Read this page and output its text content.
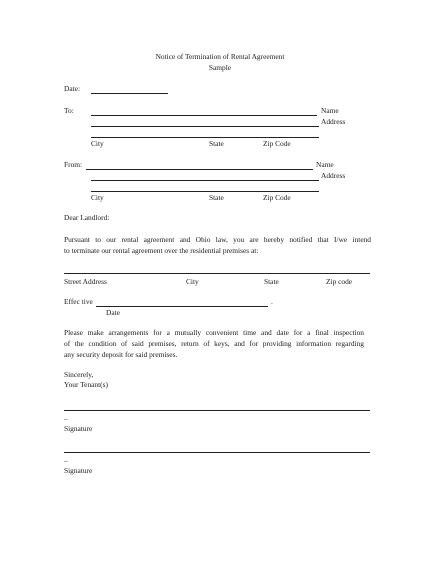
Notice of Termination of Rental Agreement
Sample
Date:
To:	Name
Address
City	State	Zip Code
From:	Name
Address
City	State	Zip Code
Dear Landlord:
Pursuant to our rental agreement and Ohio law, you are hereby notified that I/we intend
to terminate our rental agreement over the residential premises at:
Street Address	City	State	Zip code
Effec tive	.
Date
Please make arrangements for a mutually convenient time and date for a final inspection
of the condition of said premises, return of keys, and for providing information regarding
any security deposit for said premises.
Sincerely,
Your Tenant(s)
_
Signature
_
Signature
